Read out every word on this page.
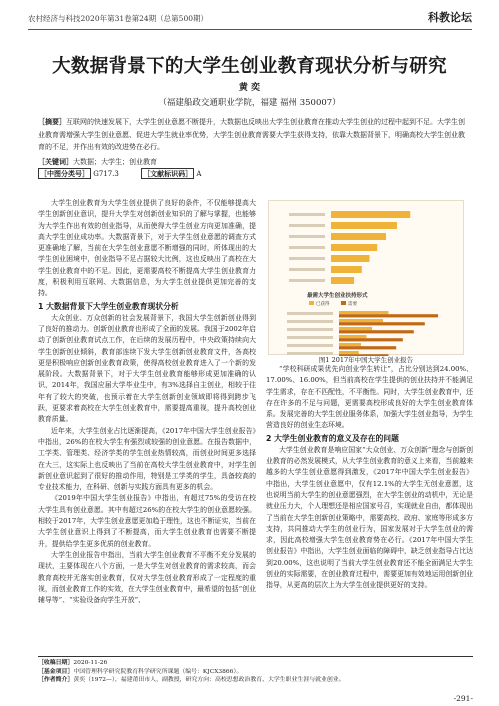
农村经济与科技2020年第31卷第24期（总第500期）	科教论坛
大数据背景下的大学生创业教育现状分析与研究
黄 奕
（福建船政交通职业学院，福建 福州 350007）
［摘要］互联网的快速发展下，大学生创业意愿不断提升，大数据也反映出大学生创业教育在推动大学生创业的过程中起到不足。大学生创业教育需增强大学生创业意愿、促进大学生就业率优势，大学生创业教育需要大学生获得支持，依靠大数据背景下，明确高校大学生创业教育的不足，并作出有效的改进势在必行。
［关键词］大数据；大学生；创业教育
［中图分类号］ G717.3	［文献标识码］ A

大学生创业教育为大学生创业提供了良好的条件，不仅能够提高大学生创新创业意识，提升大学生对创新创业知识的了解与掌握，也能够为大学生作出有效的创业指导，从而使得大学生创业方向更加准确，提高大学生创业成功率。大数据背景下，对于大学生创业意愿的调查方式更准确地了解，当前在大学生创业意愿不断增强的同时，所体现出的大学生创业困境中，创业指导不足占据较大比例，这也反映出了高校在大学生创业教育中的不足。因此，更需要高校不断提高大学生创业教育力度，积极利用互联网、大数据信息，为大学生创业提供更加完善的支持。

1 大数据背景下大学生创业教育现状分析

大众创业、万众创新的社会发展背景下，我国大学生创新创业得到了良好的推动力。创新创业教育也形成了全面的发展。我国于2002年启动了创新创业教育试点工作，在后续的发展历程中，中央政策持续向大学生创新创业倾斜，教育部连续下发大学生创新创业教育文件，各高校更是积极响应创新创业教育政策，使得高校创业教育进入了一个新的发展阶段。大数据背景下，对于大学生创业教育能够形成更加准确的认识，2014年，我国应届大学毕业生中，有3%选择自主创业，相较于往年有了较大的突破，也预示着在大学生创新创业领域即将得到跨步飞跃，更要求着高校在大学生创业教育中，需要提高重视，提升高校创业教育质量。

近年来，大学生创业占比逐渐提高，《2017年中国大学生创业报告》中指出，26%的在校大学生有强烈或较强的创业意愿。在报告数据中，工学类、管理类、经济学类的学生创业热情较高，而创业时间更多选择在大三，这实际上也反映出了当前在高校大学生创业教育中，对学生创新创业意识起到了很好的推动作用，特别是工学类的学生，具备较高的专业技术能力，在科研、创新与实践方面具有更多的机会。

《2019年中国大学生创业报告》中指出，有超过75%的受访在校大学生具有创业意愿。其中有超过26%的在校大学生的创业意愿较强。相较于2017年，大学生创业意愿更加趋于理性，这也不断证实，当前在大学生创业意识上得到了不断提高，而大学生创业教育也需要不断提升，提供给学生更多优质的创业教育。

大学生创业报告中指出，当前大学生创业教育不平衡不充分发展的现状，主要体现在八个方面，一是大学生对创业教育的需求较高，而会教育高校并无落实创业教育，仅对大学生创业教育形成了一定程度的重视，而创业教育工作的实效，在大学生创业教育中，最希望的包括“创业辅导等”、“实验设备向学生开放”、

最需大学生创业扶持形式
已获得	需要
图1 2017年中国大学生创业报告

“学校科研成果优先向创业学生转让”，占比分别达到24.00%、17.00%、16.00%，但当前高校在学生提供的创业扶持并不能满足学生需求，存在不匹配性，不平衡性。同时，大学生创业教育中，还存在许多的不足与问题，更需要高校形成良好的大学生创业教育体系。发展完善的大学生创业服务体系，加强大学生创业指导，为学生营造良好的创业生态环境。

2 大学生创业教育的意义及存在的问题

大学生创业教育是响应国家“大众创业、万众创新”理念与创新创业教育的必然发展模式，从大学生创业教育的意义上来看，当前越来越多的大学生创业意愿得到激发，《2017年中国大学生创业报告》中指出，大学生创业意愿中，仅有12.1%的大学生无创业意愿，这也说明当前大学生的创业意愿强烈，在大学生创业的动机中，无论是就业压力大，个人理想还是相应国家号召，实现就业自由，都体现出了当前在大学生创新创业策略中，需要高校、政府、家庭等形成多方支持，共同推动大学生的创业行为，国家发展对于大学生创业的需求，因此高校增强大学生创业教育势在必行。《2017年中国大学生创业报告》中指出，大学生创业面临的障碍中，缺乏创业指导占比达到20.00%，这也说明了当前大学生创业教育还不能全面满足大学生创业的实际需要，在创业教育过程中，需要更加有效地运用创新创业指导，从更高的层次上为大学生创业提供更好的支持。

［收稿日期］2020-11-26
［基金项目］中国管理科学研究院教育科学研究所课题（编号：KJCX3866）。
［作者简介］黄奕（1972—），福建莆田市人，副教授，研究方向：高校思想政治教育、大学生职业生涯与就业创业。
-291-
